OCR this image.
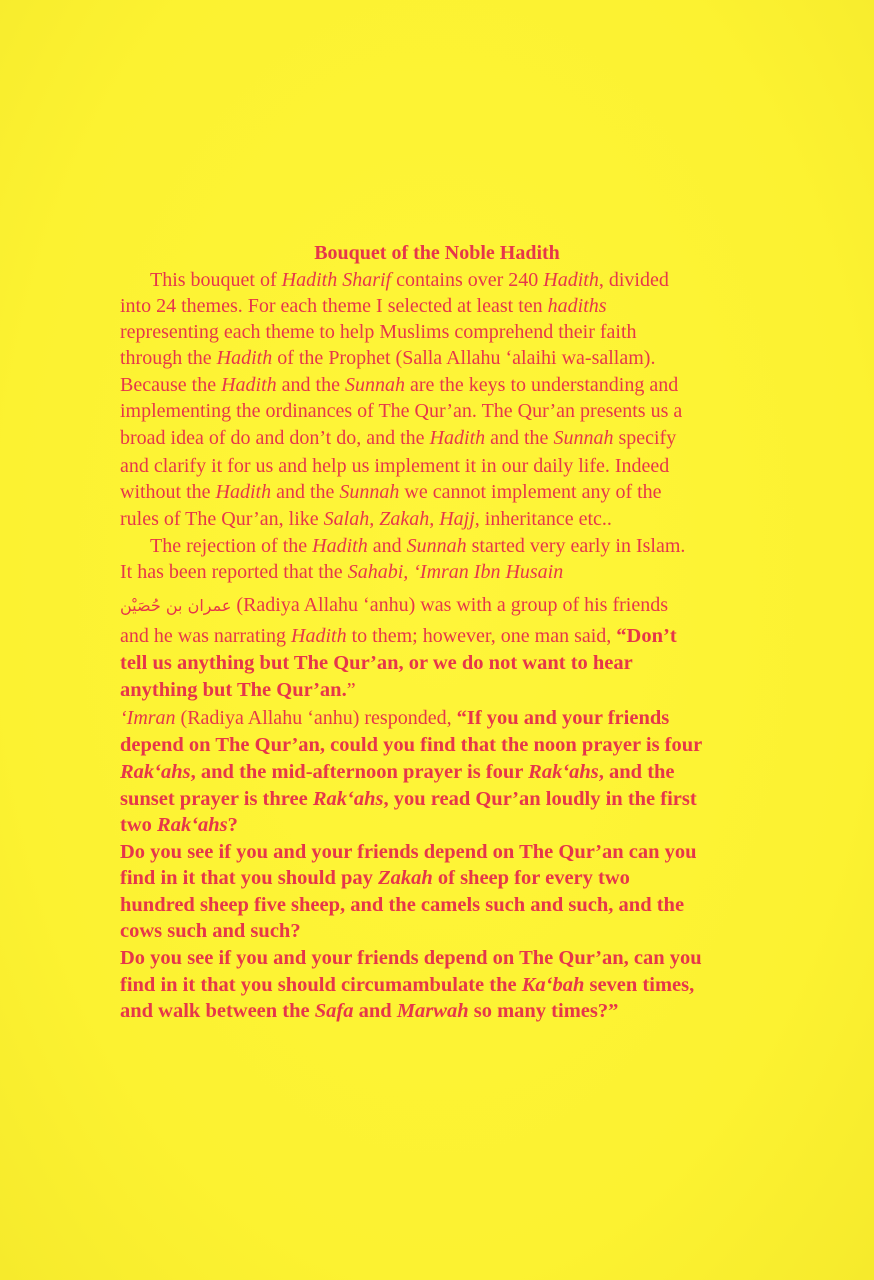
Bouquet of the Noble Hadith
This bouquet of Hadith Sharif contains over 240 Hadith, divided
into 24 themes. For each theme I selected at least ten hadiths
representing each theme to help Muslims comprehend their faith
through the Hadith of the Prophet (Salla Allahu ‘alaihi wa-sallam).
Because the Hadith and the Sunnah are the keys to understanding and
implementing the ordinances of The Qur’an. The Qur’an presents us a
broad idea of do and don’t do, and the Hadith and the Sunnah specify
and clarify it for us and help us implement it in our daily life. Indeed
without the Hadith and the Sunnah we cannot implement any of the
rules of The Qur’an, like Salah, Zakah, Hajj, inheritance etc..
The rejection of the Hadith and Sunnah started very early in Islam.
It has been reported that the Sahabi, ‘Imran Ibn Husain
عمران بن حُصَيْن (Radiya Allahu ‘anhu) was with a group of his friends
and he was narrating Hadith to them; however, one man said, “Don’t
tell us anything but The Qur’an, or we do not want to hear
anything but The Qur’an.”
‘Imran (Radiya Allahu ‘anhu) responded, “If you and your friends
depend on The Qur’an, could you find that the noon prayer is four
Rak‘ahs, and the mid-afternoon prayer is four Rak‘ahs, and the
sunset prayer is three Rak‘ahs, you read Qur’an loudly in the first
two Rak‘ahs?
Do you see if you and your friends depend on The Qur’an can you
find in it that you should pay Zakah of sheep for every two
hundred sheep five sheep, and the camels such and such, and the
cows such and such?
Do you see if you and your friends depend on The Qur’an, can you
find in it that you should circumambulate the Ka‘bah seven times,
and walk between the Safa and Marwah so many times?”
